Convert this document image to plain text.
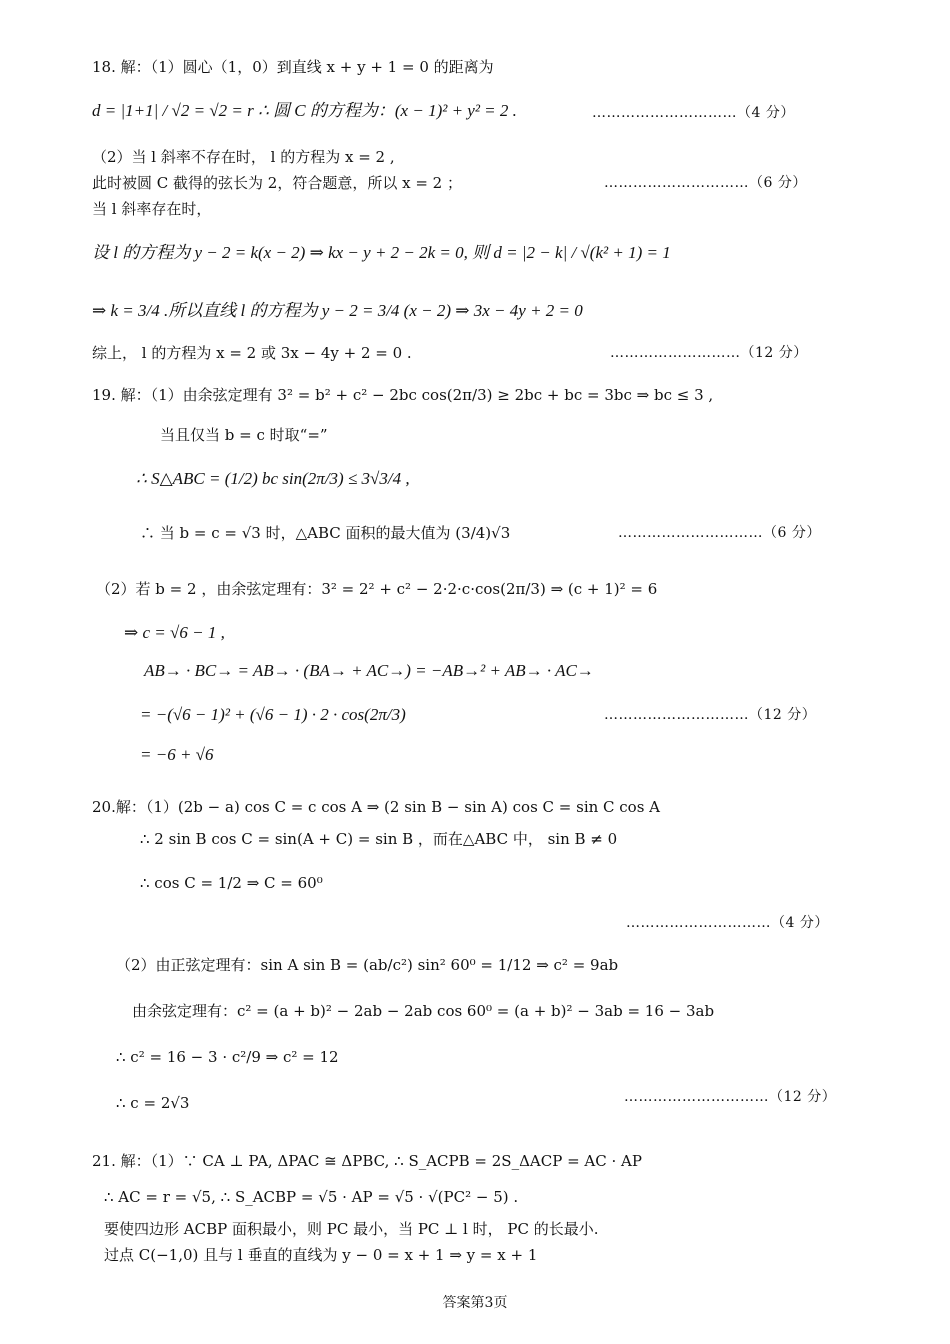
18. 解：（1）圆心（1，0）到直线 x + y + 1 = 0 的距离为
d = |1+1| / √2 = √2 = r ∴ 圆 C 的方程为：(x − 1)² + y² = 2 .	…………………………（4 分）
（2）当 l 斜率不存在时， l 的方程为 x = 2 ,
此时被圆 C 截得的弦长为 2，符合题意，所以 x = 2 ；	…………………………（6 分）
当 l 斜率存在时，
设 l 的方程为 y − 2 = k(x − 2) ⇒ kx − y + 2 − 2k = 0, 则 d = |2 − k| / √(k² + 1) = 1
⇒ k = 3/4 .所以直线 l 的方程为 y − 2 = 3/4 (x − 2) ⇒ 3x − 4y + 2 = 0
综上， l 的方程为 x = 2 或 3x − 4y + 2 = 0 .	………………………（12 分）
19. 解：（1）由余弦定理有 3² = b² + c² − 2bc cos(2π/3) ≥ 2bc + bc = 3bc ⇒ bc ≤ 3 ,
当且仅当 b = c 时取“=”
∴ S△ABC = (1/2) bc sin(2π/3) ≤ 3√3/4 ,
∴ 当 b = c = √3 时，△ABC 面积的最大值为 (3/4)√3	…………………………（6 分）
（2）若 b = 2 ，由余弦定理有：3² = 2² + c² − 2·2·c·cos(2π/3) ⇒ (c + 1)² = 6
⇒ c = √6 − 1 ,
AB→ · BC→ = AB→ · (BA→ + AC→) = −AB→² + AB→ · AC→
= −(√6 − 1)² + (√6 − 1) · 2 · cos(2π/3)	…………………………（12 分）
= −6 + √6
20.解：（1）(2b − a) cos C = c cos A ⇒ (2 sin B − sin A) cos C = sin C cos A
∴ 2 sin B cos C = sin(A + C) = sin B ，而在△ABC 中， sin B ≠ 0
∴ cos C = 1/2 ⇒ C = 60⁰
…………………………（4 分）
（2）由正弦定理有：sin A sin B = (ab/c²) sin² 60⁰ = 1/12 ⇒ c² = 9ab
由余弦定理有：c² = (a + b)² − 2ab − 2ab cos 60⁰ = (a + b)² − 3ab = 16 − 3ab
∴ c² = 16 − 3 · c²/9 ⇒ c² = 12
∴ c = 2√3	…………………………（12 分）
21. 解：（1）∵ CA ⊥ PA, ΔPAC ≅ ΔPBC, ∴ S_ACPB = 2S_ΔACP = AC · AP
∴ AC = r = √5, ∴ S_ACBP = √5 · AP = √5 · √(PC² − 5) .
要使四边形 ACBP 面积最小，则 PC 最小，当 PC ⊥ l 时， PC 的长最小.
过点 C(−1,0) 且与 l 垂直的直线为 y − 0 = x + 1 ⇒ y = x + 1
答案第3页
